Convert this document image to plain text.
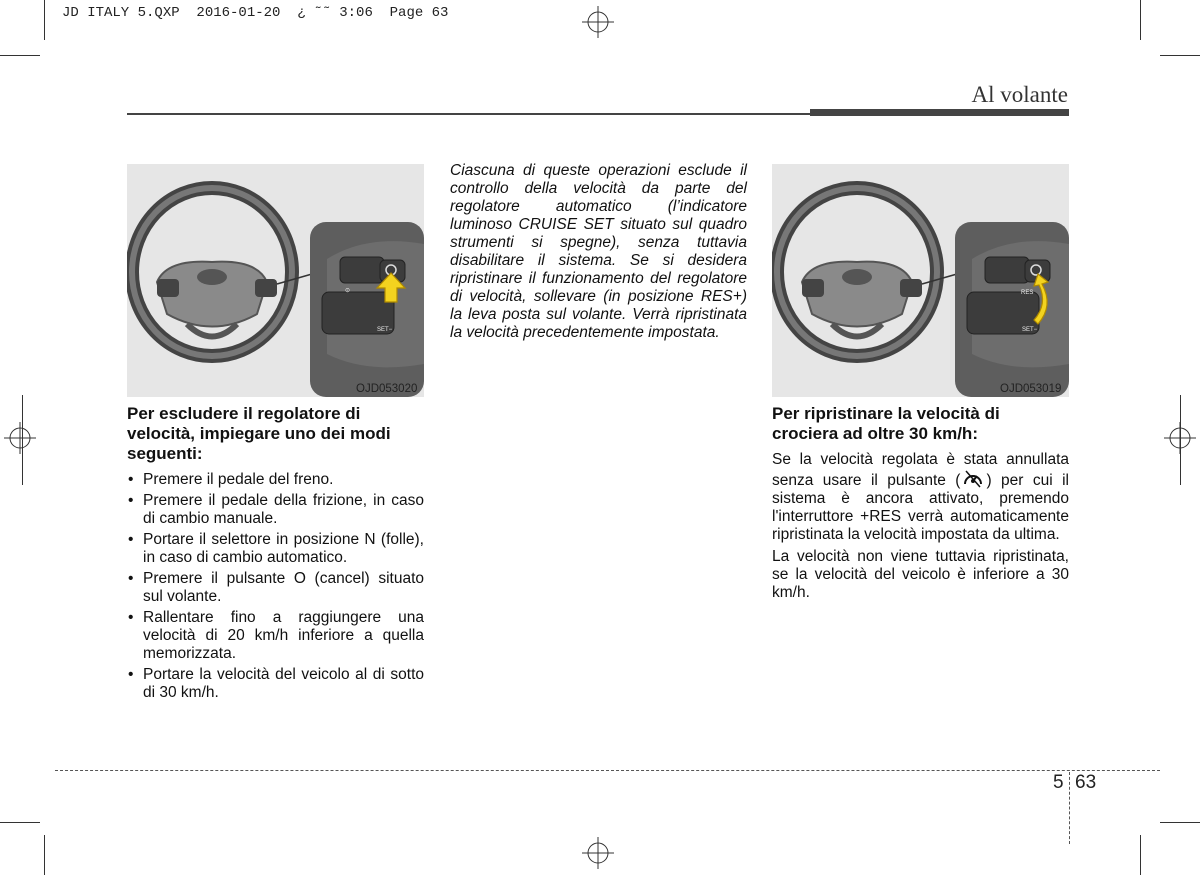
JD ITALY 5.QXP  2016-01-20  ¿ ˜˜ 3:06  Page 63
Al volante
⊙
SET−
OJD053020
RES
SET−
OJD053019
Per escludere il regolatore di velocità, impiegare uno dei modi seguenti:
• Premere il pedale del freno.
• Premere il pedale della frizione, in caso di cambio manuale.
• Portare il selettore in posizione N (folle), in caso di cambio automatico.
• Premere il pulsante O (cancel) situato sul volante.
• Rallentare fino a raggiungere una velocità di 20 km/h inferiore a quella memorizzata.
• Portare la velocità del veicolo al di sotto di 30 km/h.
Ciascuna di queste operazioni esclude il controllo della velocità da parte del regolatore automatico (l’indicatore luminoso CRUISE SET situato sul quadro strumenti si spegne), senza tuttavia disabilitare il sistema. Se si desidera ripristinare il funzionamento del regolatore di velocità, sollevare (in posizione RES+) la leva posta sul volante. Verrà ripristinata la velocità precedentemente impostata.
Per ripristinare la velocità di crociera ad oltre 30 km/h:

Se la velocità regolata è stata annullata senza usare il pulsante ( ) per cui il sistema è ancora attivato, premendo l'interruttore +RES verrà automaticamente ripristinata la velocità impostata da ultima.

La velocità non viene tuttavia ripristinata, se la velocità del veicolo è inferiore a 30 km/h.

5 63
